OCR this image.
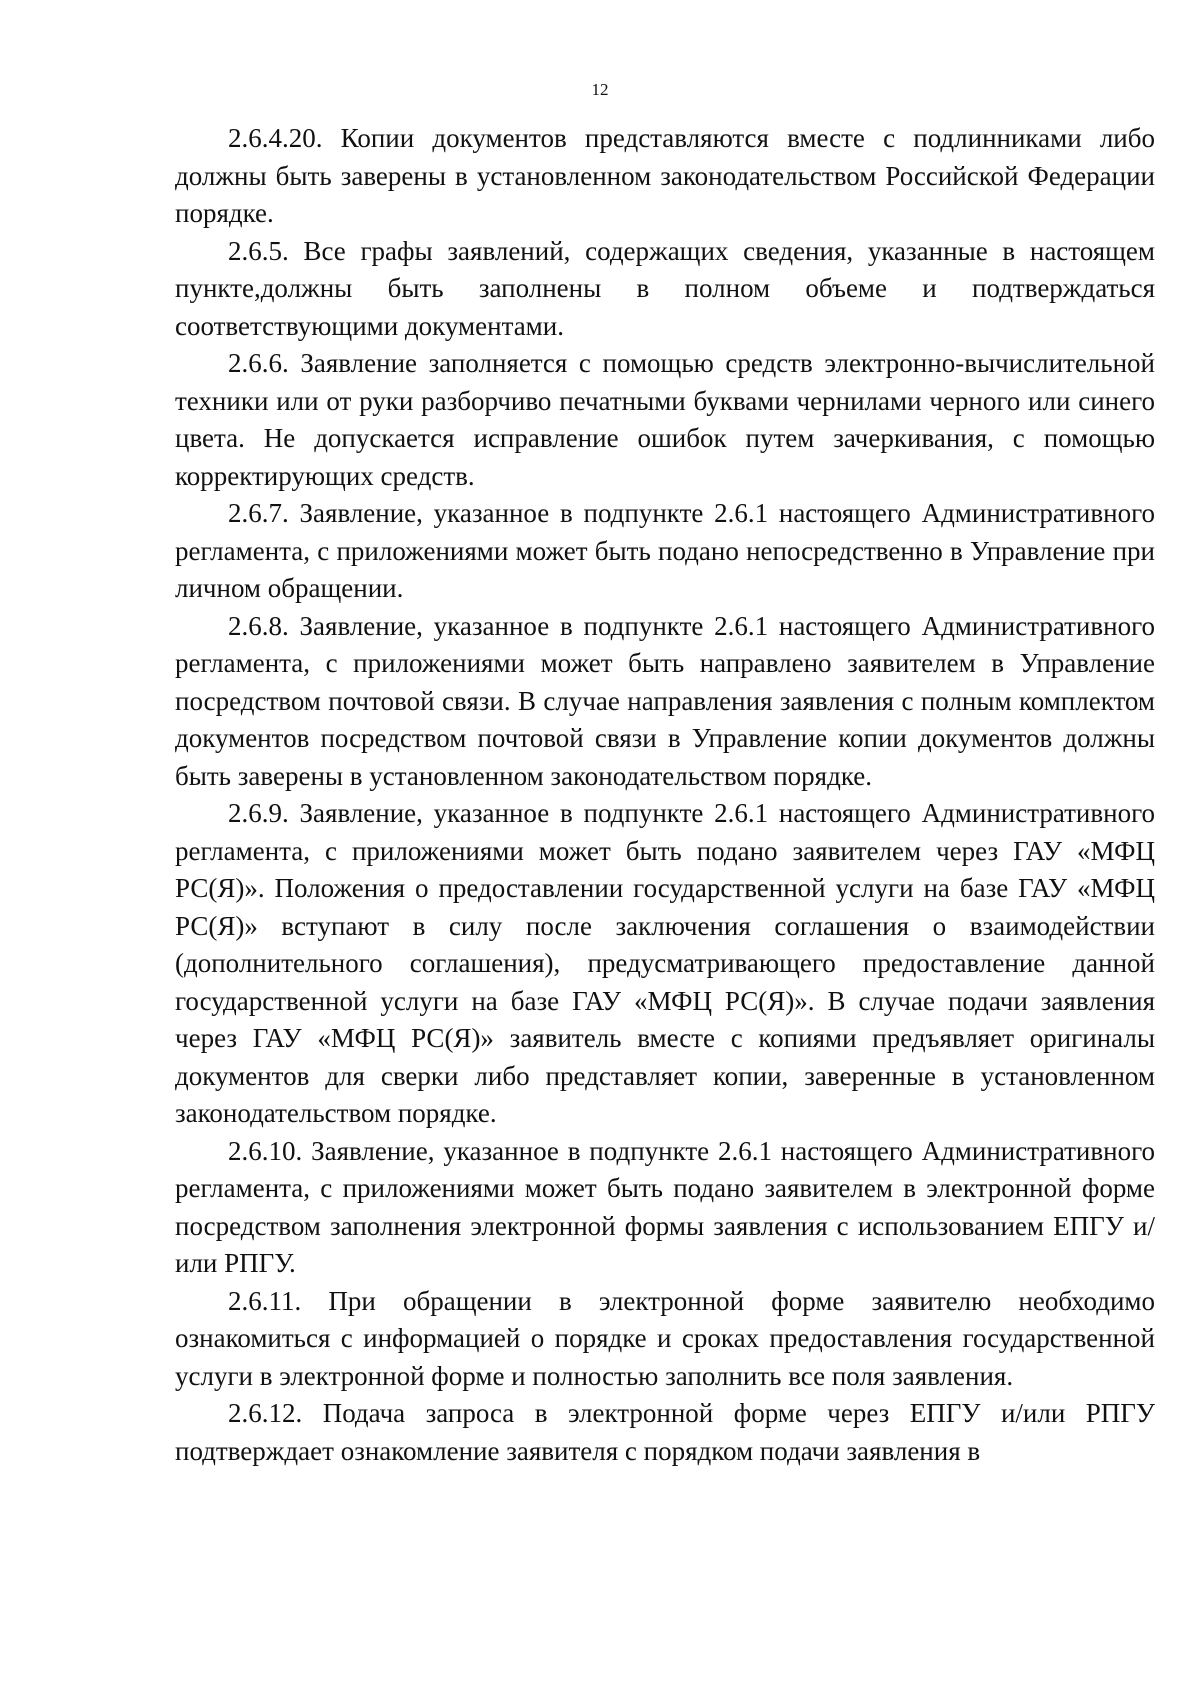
12

2.6.4.20. Копии документов представляются вместе с подлинниками либо должны быть заверены в установленном законодательством Российской Федерации порядке.

2.6.5. Все графы заявлений, содержащих сведения, указанные в настоящем пункте,должны быть заполнены в полном объеме и подтверждаться соответствующими документами.

2.6.6. Заявление заполняется с помощью средств электронно-вычислительной техники или от руки разборчиво печатными буквами чернилами черного или синего цвета. Не допускается исправление ошибок путем зачеркивания, с помощью корректирующих средств.

2.6.7. Заявление, указанное в подпункте 2.6.1 настоящего Административного регламента, с приложениями может быть подано непосредственно в Управление при личном обращении.

2.6.8. Заявление, указанное в подпункте 2.6.1 настоящего Административного регламента, с приложениями может быть направлено заявителем в Управление посредством почтовой связи. В случае направления заявления с полным комплектом документов посредством почтовой связи в Управление копии документов должны быть заверены в установленном законодательством порядке.

2.6.9. Заявление, указанное в подпункте 2.6.1 настоящего Административного регламента, с приложениями может быть подано заявителем через ГАУ «МФЦ РС(Я)». Положения о предоставлении государственной услуги на базе ГАУ «МФЦ РС(Я)» вступают в силу после заключения соглашения о взаимодействии (дополнительного соглашения), предусматривающего предоставление данной государственной услуги на базе ГАУ «МФЦ РС(Я)». В случае подачи заявления через ГАУ «МФЦ РС(Я)» заявитель вместе с копиями предъявляет оригиналы документов для сверки либо представляет копии, заверенные в установленном законодательством порядке.

2.6.10. Заявление, указанное в подпункте 2.6.1 настоящего Административного регламента, с приложениями может быть подано заявителем в электронной форме посредством заполнения электронной формы заявления с использованием ЕПГУ и/или РПГУ.

2.6.11. При обращении в электронной форме заявителю необходимо ознакомиться с информацией о порядке и сроках предоставления государственной услуги в электронной форме и полностью заполнить все поля заявления.

2.6.12. Подача запроса в электронной форме через ЕПГУ и/или РПГУ подтверждает ознакомление заявителя с порядком подачи заявления в
